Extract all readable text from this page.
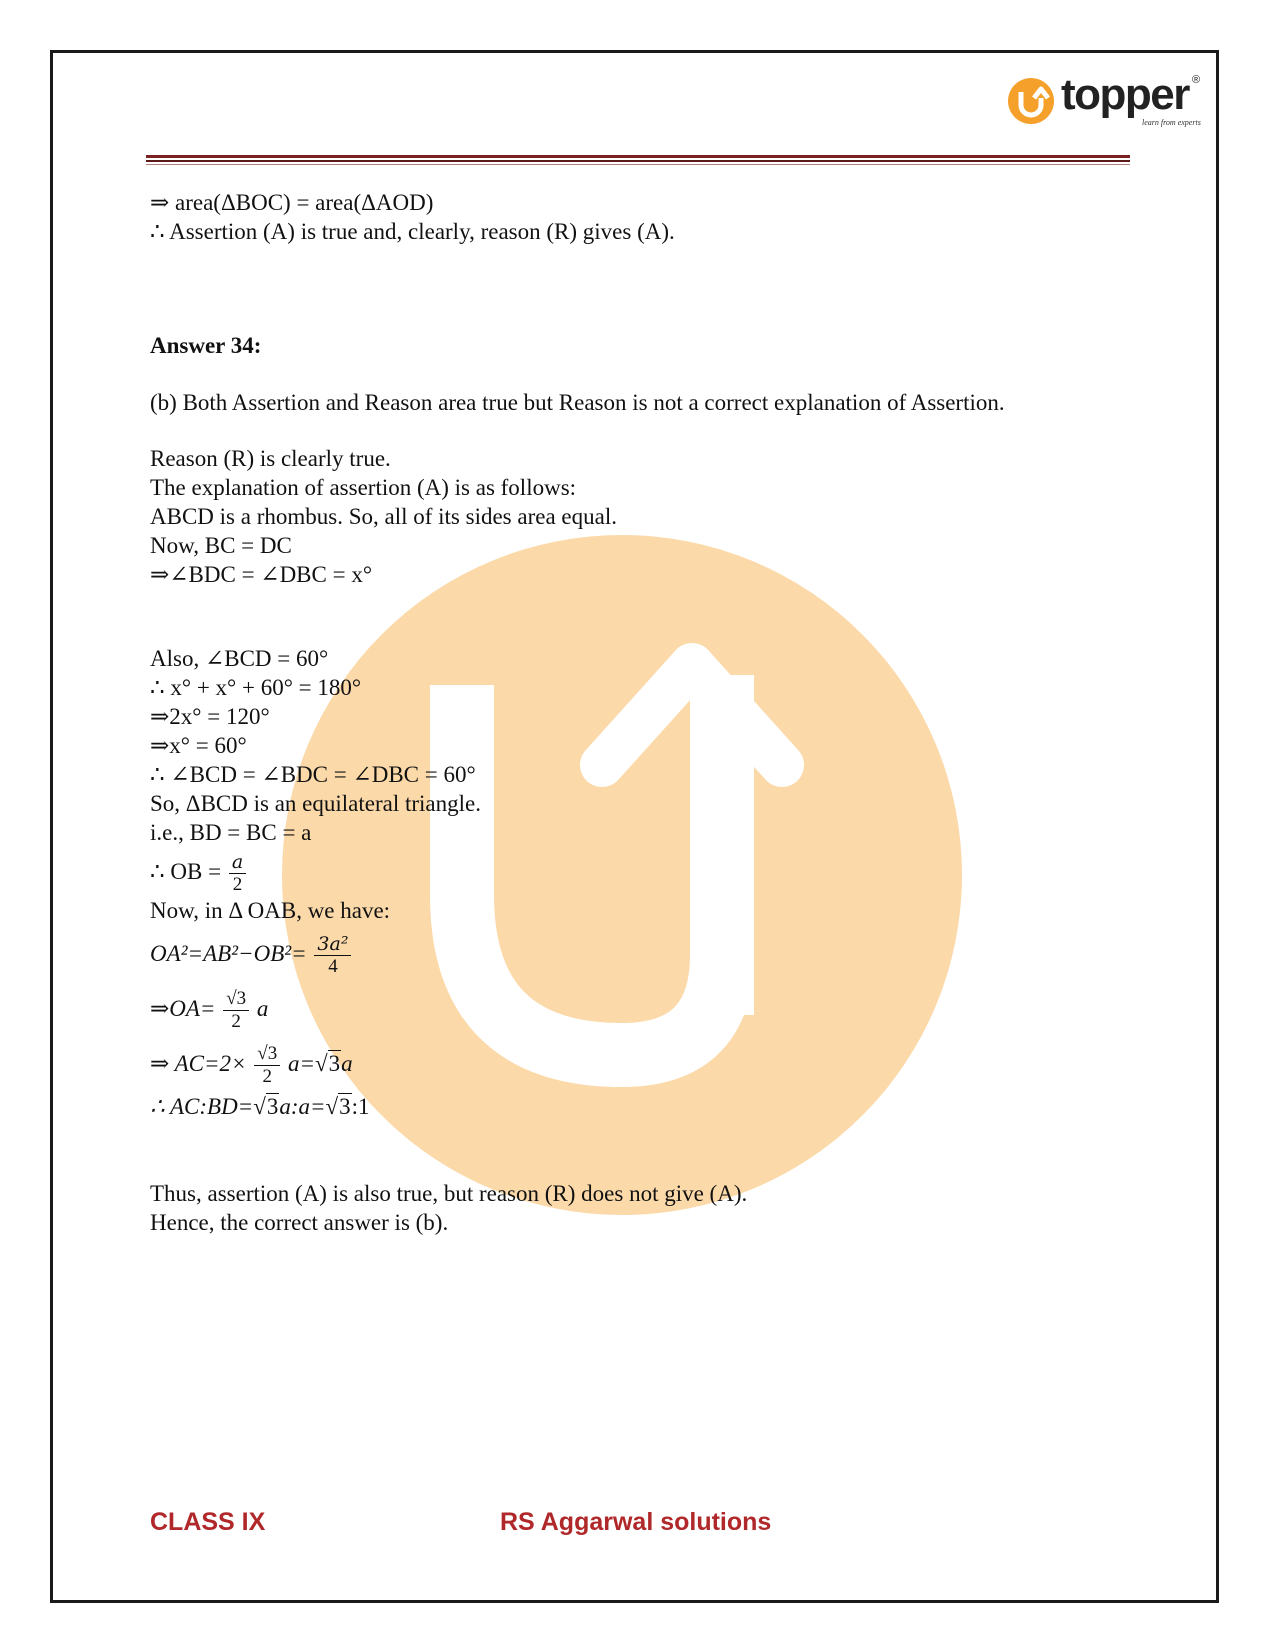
topper ®
learn from experts

⇒ area(ΔBOC) = area(ΔAOD)

∴ Assertion (A) is true and, clearly, reason (R) gives (A).

Answer 34:

(b) Both Assertion and Reason area true but Reason is not a correct explanation of Assertion.

Reason (R) is clearly true.

The explanation of assertion (A) is as follows:

ABCD is a rhombus. So, all of its sides area equal.

Now, BC = DC

⇒∠BDC = ∠DBC = x°

Also, ∠BCD = 60°

∴ x° + x° + 60° = 180°

⇒2x° = 120°

⇒x° = 60°

∴ ∠BCD = ∠BDC = ∠DBC = 60°

So, ΔBCD is an equilateral triangle.

i.e., BD = BC = a

∴ OB = $\frac{a}{2}$

Now, in Δ OAB, we have:

$OA^2=AB^2-OB^2= \frac{\text{3a²}}{4}$

⇒OA= $\frac{√3}{2}$ a

⇒ $AC=2\times \frac{√3}{2} a=√3a$

∴ AC:BD=√3a:a=√3:1

Thus, assertion (A) is also true, but reason (R) does not give (A).

Hence, the correct answer is (b).

CLASS IX	RS Aggarwal solutions
